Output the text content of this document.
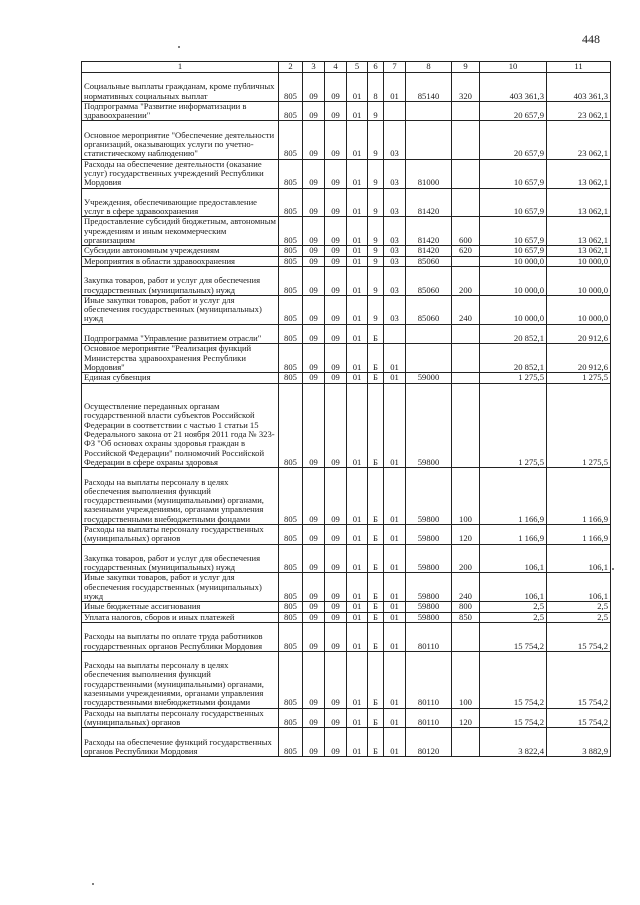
448
1	2	3	4	5	6	7	8	9	10	11
Социальные выплаты гражданам, кроме публичных нормативных социальных выплат	805	09	09	01	8	01	85140	320	403 361,3	403 361,3
Подпрограмма "Развитие информатизации в здравоохранении"	805	09	09	01	9				20 657,9	23 062,1
Основное мероприятие "Обеспечение деятельности организаций, оказывающих услуги по учетно-статистическому наблюдению"	805	09	09	01	9	03			20 657,9	23 062,1
Расходы на обеспечение деятельности (оказание услуг) государственных учреждений Республики Мордовия	805	09	09	01	9	03	81000		10 657,9	13 062,1
Учреждения, обеспечивающие предоставление услуг в сфере здравоохранения	805	09	09	01	9	03	81420		10 657,9	13 062,1
Предоставление субсидий бюджетным, автономным учреждениям и иным некоммерческим организациям	805	09	09	01	9	03	81420	600	10 657,9	13 062,1
Субсидии автономным учреждениям	805	09	09	01	9	03	81420	620	10 657,9	13 062,1
Мероприятия в области здравоохранения	805	09	09	01	9	03	85060		10 000,0	10 000,0
Закупка товаров, работ и услуг для обеспечения государственных (муниципальных) нужд	805	09	09	01	9	03	85060	200	10 000,0	10 000,0
Иные закупки товаров, работ и услуг для обеспечения государственных (муниципальных) нужд	805	09	09	01	9	03	85060	240	10 000,0	10 000,0
Подпрограмма "Управление развитием отрасли"	805	09	09	01	Б				20 852,1	20 912,6
Основное мероприятие "Реализация функций Министерства здравоохранения Республики Мордовия"	805	09	09	01	Б	01			20 852,1	20 912,6
Единая субвенция	805	09	09	01	Б	01	59000		1 275,5	1 275,5
Осуществление переданных органам государственной власти субъектов Российской Федерации в соответствии с частью 1 статьи 15 Федерального закона от 21 ноября 2011 года № 323-ФЗ "Об основах охраны здоровья граждан в Российской Федерации" полномочий Российской Федерации в сфере охраны здоровья	805	09	09	01	Б	01	59800		1 275,5	1 275,5
Расходы на выплаты персоналу в целях обеспечения выполнения функций государственными (муниципальными) органами, казенными учреждениями, органами управления государственными внебюджетными фондами	805	09	09	01	Б	01	59800	100	1 166,9	1 166,9
Расходы на выплаты персоналу государственных (муниципальных) органов	805	09	09	01	Б	01	59800	120	1 166,9	1 166,9
Закупка товаров, работ и услуг для обеспечения государственных (муниципальных) нужд	805	09	09	01	Б	01	59800	200	106,1	106,1
Иные закупки товаров, работ и услуг для обеспечения государственных (муниципальных) нужд	805	09	09	01	Б	01	59800	240	106,1	106,1
Иные бюджетные ассигнования	805	09	09	01	Б	01	59800	800	2,5	2,5
Уплата налогов, сборов и иных платежей	805	09	09	01	Б	01	59800	850	2,5	2,5
Расходы на выплаты по оплате труда работников государственных органов Республики Мордовия	805	09	09	01	Б	01	80110		15 754,2	15 754,2
Расходы на выплаты персоналу в целях обеспечения выполнения функций государственными (муниципальными) органами, казенными учреждениями, органами управления государственными внебюджетными фондами	805	09	09	01	Б	01	80110	100	15 754,2	15 754,2
Расходы на выплаты персоналу государственных (муниципальных) органов	805	09	09	01	Б	01	80110	120	15 754,2	15 754,2
Расходы на обеспечение функций государственных органов Республики Мордовия	805	09	09	01	Б	01	80120		3 822,4	3 882,9
